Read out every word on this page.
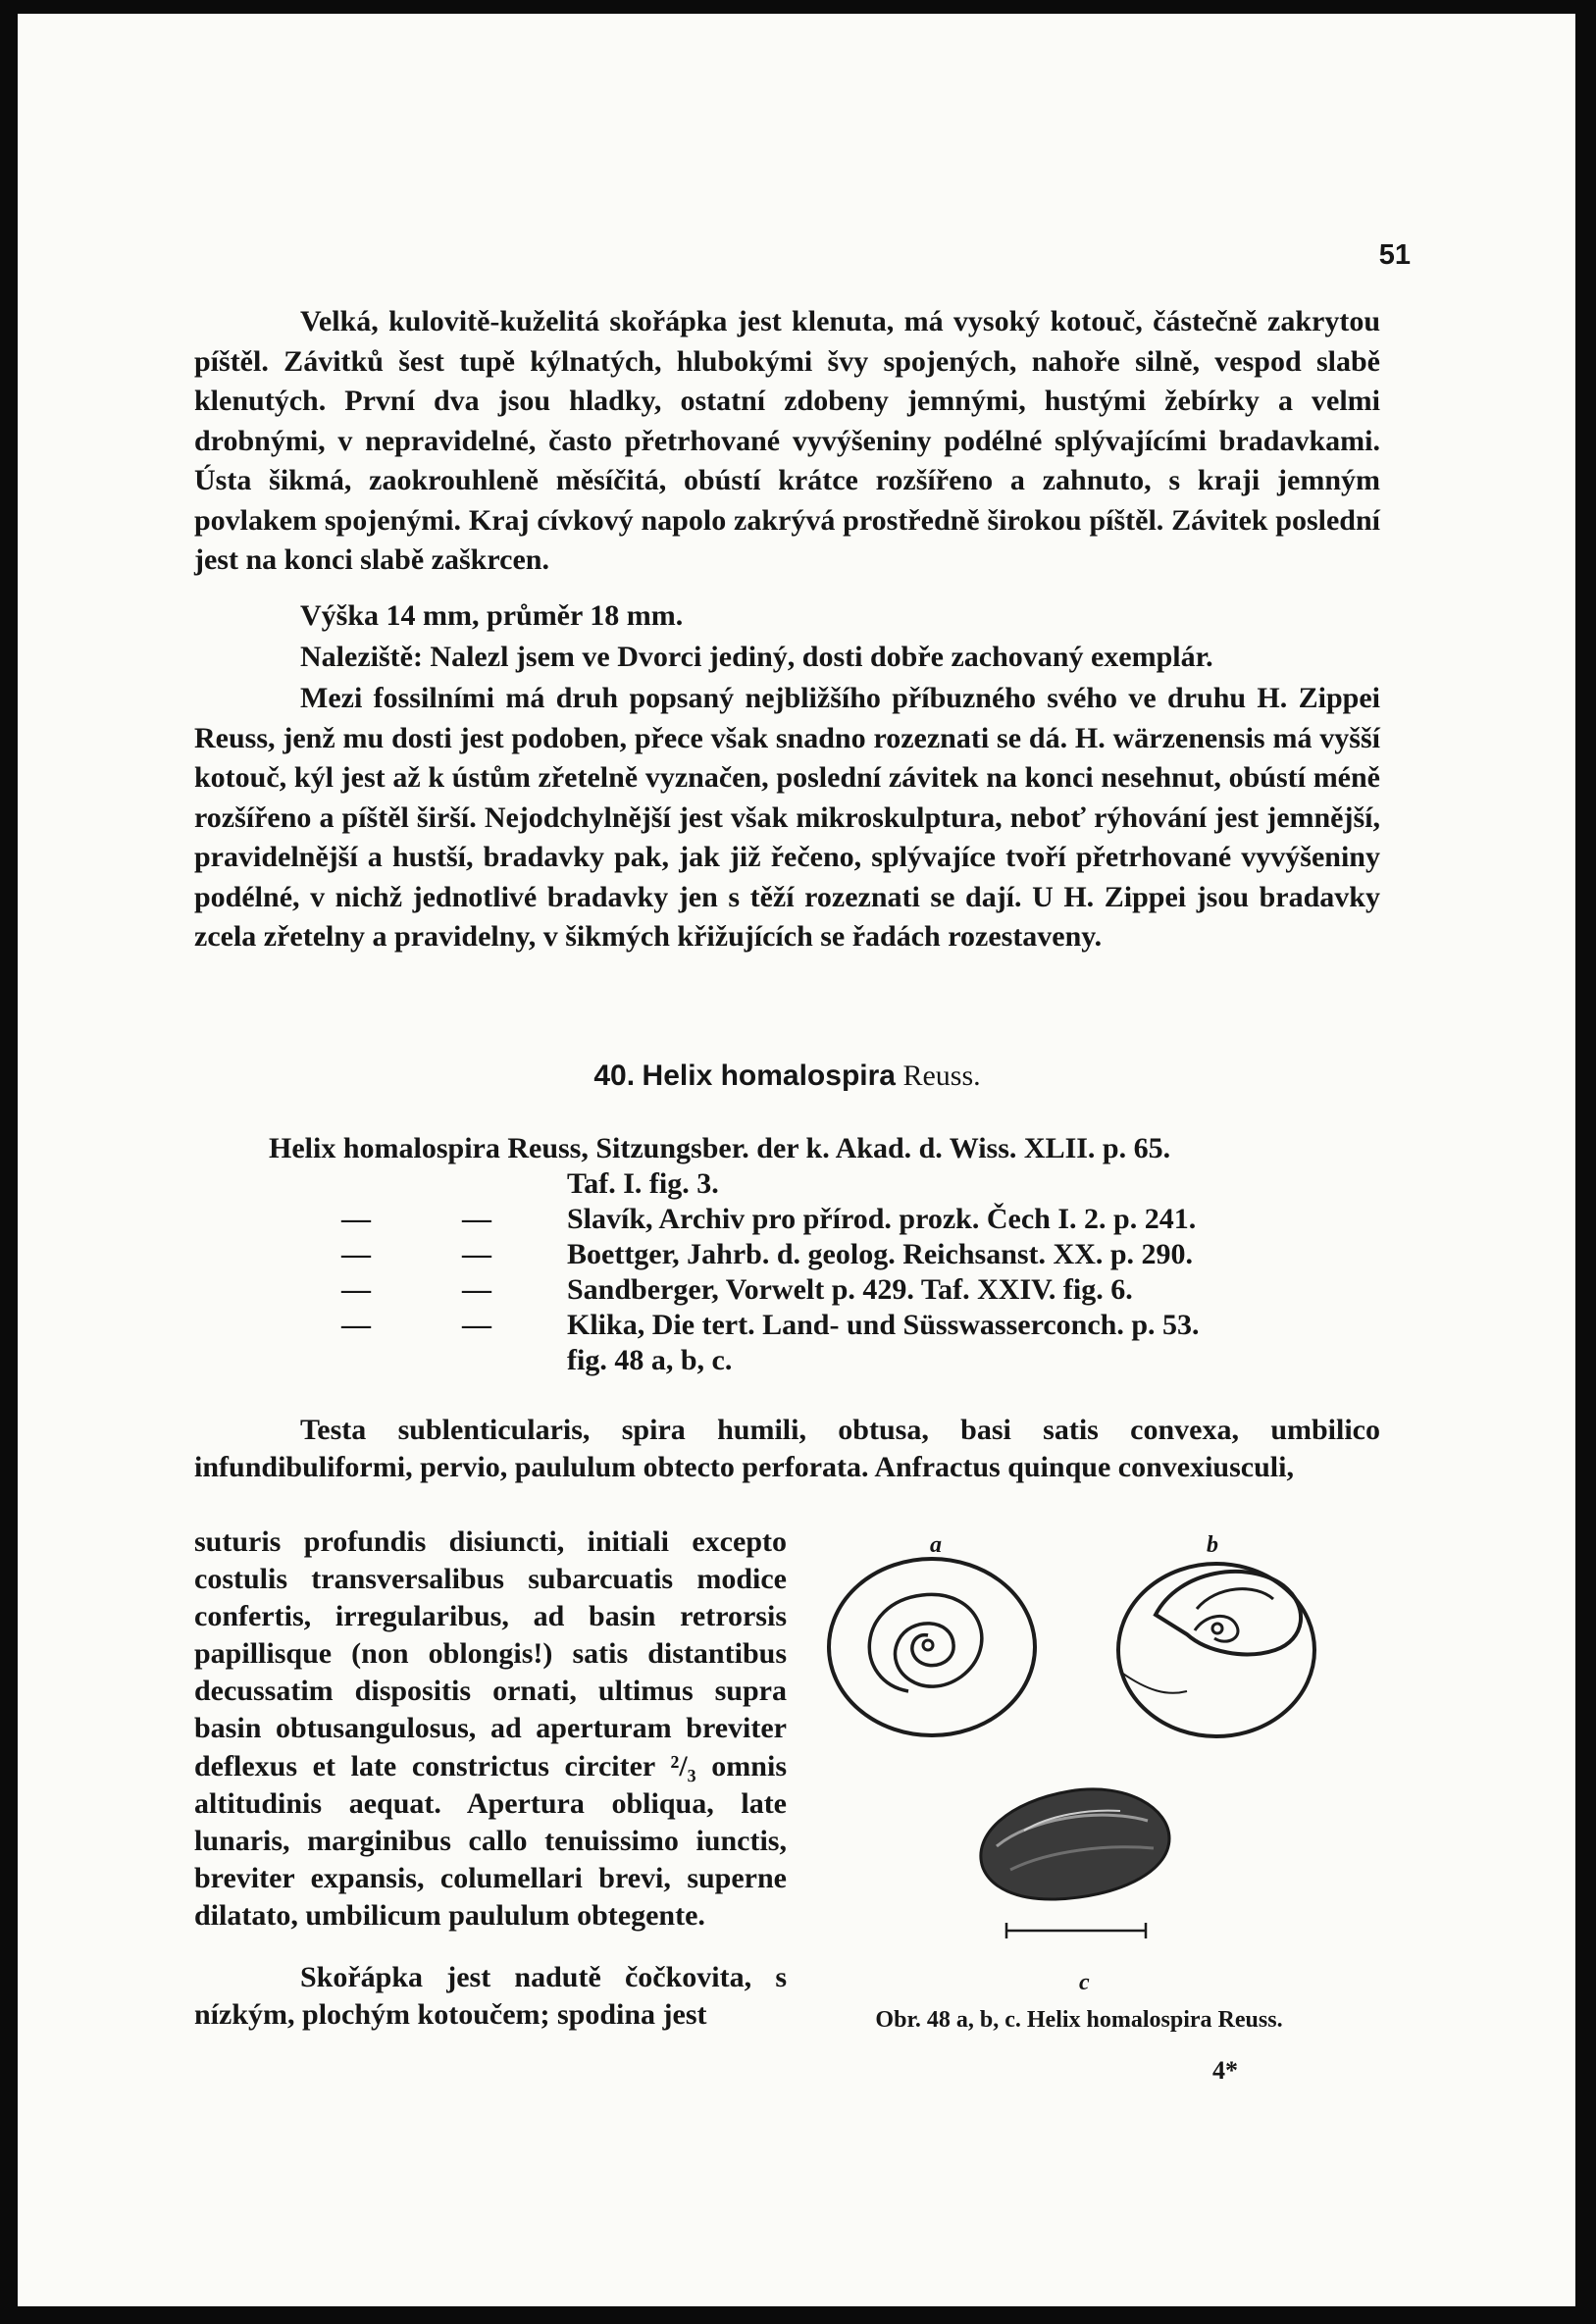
51

Velká, kulovitě-kuželitá skořápka jest klenuta, má vysoký kotouč, částečně zakrytou píštěl. Závitků šest tupě kýlnatých, hlubokými švy spojených, nahoře silně, vespod slabě klenutých. První dva jsou hladky, ostatní zdobeny jemnými, hustými žebírky a velmi drobnými, v nepravidelné, často přetrhované vyvýšeniny podélné splývajícími bradavkami. Ústa šikmá, zaokrouhleně měsíčitá, obústí krátce rozšířeno a zahnuto, s kraji jemným povlakem spojenými. Kraj cívkový napolo zakrývá prostředně širokou píštěl. Závitek poslední jest na konci slabě zaškrcen.

Výška 14 mm, průměr 18 mm.

Naleziště: Nalezl jsem ve Dvorci jediný, dosti dobře zachovaný exemplár.

Mezi fossilními má druh popsaný nejbližšího příbuzného svého ve druhu H. Zippei Reuss, jenž mu dosti jest podoben, přece však snadno rozeznati se dá. H. wärzenensis má vyšší kotouč, kýl jest až k ústům zřetelně vyznačen, poslední závitek na konci nesehnut, obústí méně rozšířeno a píštěl širší. Nejodchylnější jest však mikroskulptura, neboť rýhování jest jemnější, pravidelnější a hustší, bradavky pak, jak již řečeno, splývajíce tvoří přetrhované vyvýšeniny podélné, v nichž jednotlivé bradavky jen s těží rozeznati se dají. U H. Zippei jsou bradavky zcela zřetelny a pravidelny, v šikmých křižujících se řadách rozestaveny.

40. Helix homalospira Reuss.
Helix homalospira Reuss, Sitzungsber. der k. Akad. d. Wiss. XLII. p. 65.
Taf. I. fig. 3.
—	—	Slavík, Archiv pro přírod. prozk. Čech I. 2. p. 241.
—	—	Boettger, Jahrb. d. geolog. Reichsanst. XX. p. 290.
—	—	Sandberger, Vorwelt p. 429. Taf. XXIV. fig. 6.
—	—	Klika, Die tert. Land- und Süsswasserconch. p. 53.
fig. 48 a, b, c.

Testa sublenticularis, spira humili, obtusa, basi satis convexa, umbilico infundibuliformi, pervio, paululum obtecto perforata. Anfractus quinque convexiusculi,

suturis profundis disiuncti, initiali excepto costulis transversalibus subarcuatis modice confertis, irregularibus, ad basin retrorsis papillisque (non oblongis!) satis distantibus decussatim dispositis ornati, ultimus supra basin obtusangulosus, ad aperturam breviter deflexus et late constrictus circiter ²/₃ omnis altitudinis aequat. Apertura obliqua, late lunaris, marginibus callo tenuissimo iunctis, breviter expansis, columellari brevi, superne dilatato, umbilicum paululum obtegente.

Skořápka jest nadutě čočkovita, s nízkým, plochým kotoučem; spodina jest

a	b
c
Obr. 48 a, b, c. Helix homalospira Reuss.
4*
